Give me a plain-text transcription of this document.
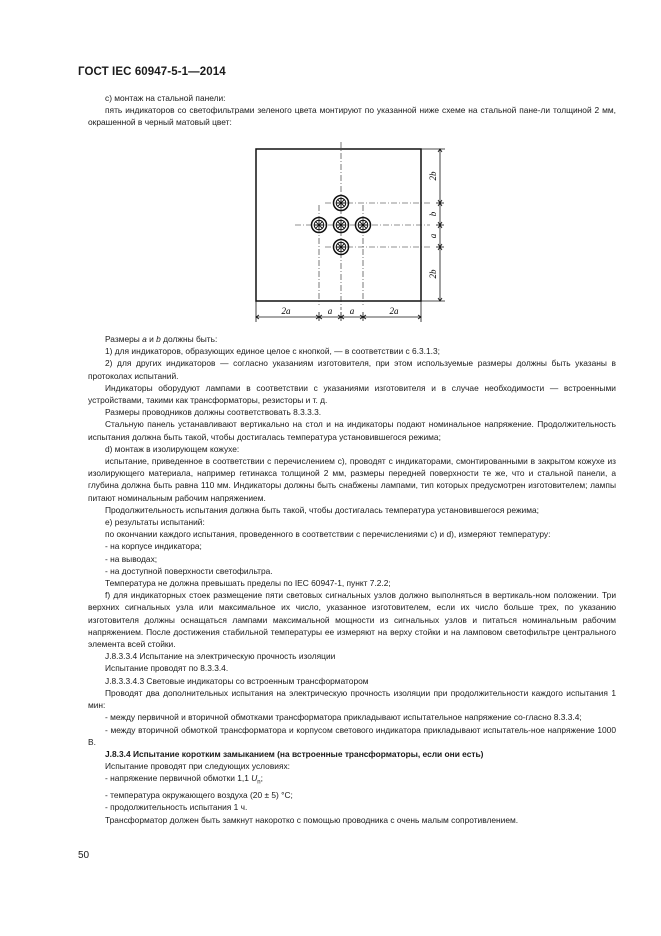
ГОСТ IEC 60947-5-1—2014

с) монтаж на стальной панели:

пять индикаторов со светофильтрами зеленого цвета монтируют по указанной ниже схеме на стальной пане-ли толщиной 2 мм, окрашенной в черный матовый цвет:

2a	a a	2a
2b
b
a
2b

Размеры a и b должны быть:

1) для индикаторов, образующих единое целое с кнопкой, — в соответствии с 6.3.1.3;

2) для других индикаторов — согласно указаниям изготовителя, при этом используемые размеры должны быть указаны в протоколах испытаний.

Индикаторы оборудуют лампами в соответствии с указаниями изготовителя и в случае необходимости — встроенными устройствами, такими как трансформаторы, резисторы и т. д.

Размеры проводников должны соответствовать 8.3.3.3.

Стальную панель устанавливают вертикально на стол и на индикаторы подают номинальное напряжение. Продолжительность испытания должна быть такой, чтобы достигалась температура установившегося режима;

d) монтаж в изолирующем кожухе:

испытание, приведенное в соответствии с перечислением с), проводят с индикаторами, смонтированными в закрытом кожухе из изолирующего материала, например гетинакса толщиной 2 мм, размеры передней поверхности те же, что и стальной панели, а глубина должна быть равна 110 мм. Индикаторы должны быть снабжены лампами, тип которых предусмотрен изготовителем; лампы питают номинальным рабочим напряжением.

Продолжительность испытания должна быть такой, чтобы достигалась температура установившегося режима;

е) результаты испытаний:

по окончании каждого испытания, проведенного в соответствии с перечислениями с) и d), измеряют температуру:

- на корпусе индикатора;

- на выводах;

- на доступной поверхности светофильтра.

Температура не должна превышать пределы по IEC 60947-1, пункт 7.2.2;

f) для индикаторных стоек размещение пяти световых сигнальных узлов должно выполняться в вертикаль-ном положении. Три верхних сигнальных узла или максимальное их число, указанное изготовителем, если их число больше трех, по указанию изготовителя должны оснащаться лампами максимальной мощности из сигнальных узлов и питаться номинальным рабочим напряжением. После достижения стабильной температуры ее измеряют на верху стойки и на ламповом светофильтре центрального элемента всей стойки.

J.8.3.3.4 Испытание на электрическую прочность изоляции

Испытание проводят по 8.3.3.4.

J.8.3.3.4.3 Световые индикаторы со встроенным трансформатором

Проводят два дополнительных испытания на электрическую прочность изоляции при продолжительности каждого испытания 1 мин:

- между первичной и вторичной обмотками трансформатора прикладывают испытательное напряжение со-гласно 8.3.3.4;

- между вторичной обмоткой трансформатора и корпусом светового индикатора прикладывают испытатель-ное напряжение 1000 В.

J.8.3.4 Испытание коротким замыканием (на встроенные трансформаторы, если они есть)

Испытание проводят при следующих условиях:

- напряжение первичной обмотки 1,1 $U_n$;

- температура окружающего воздуха (20 ± 5) °С;

- продолжительность испытания 1 ч.

Трансформатор должен быть замкнут накоротко с помощью проводника с очень малым сопротивлением.

50
